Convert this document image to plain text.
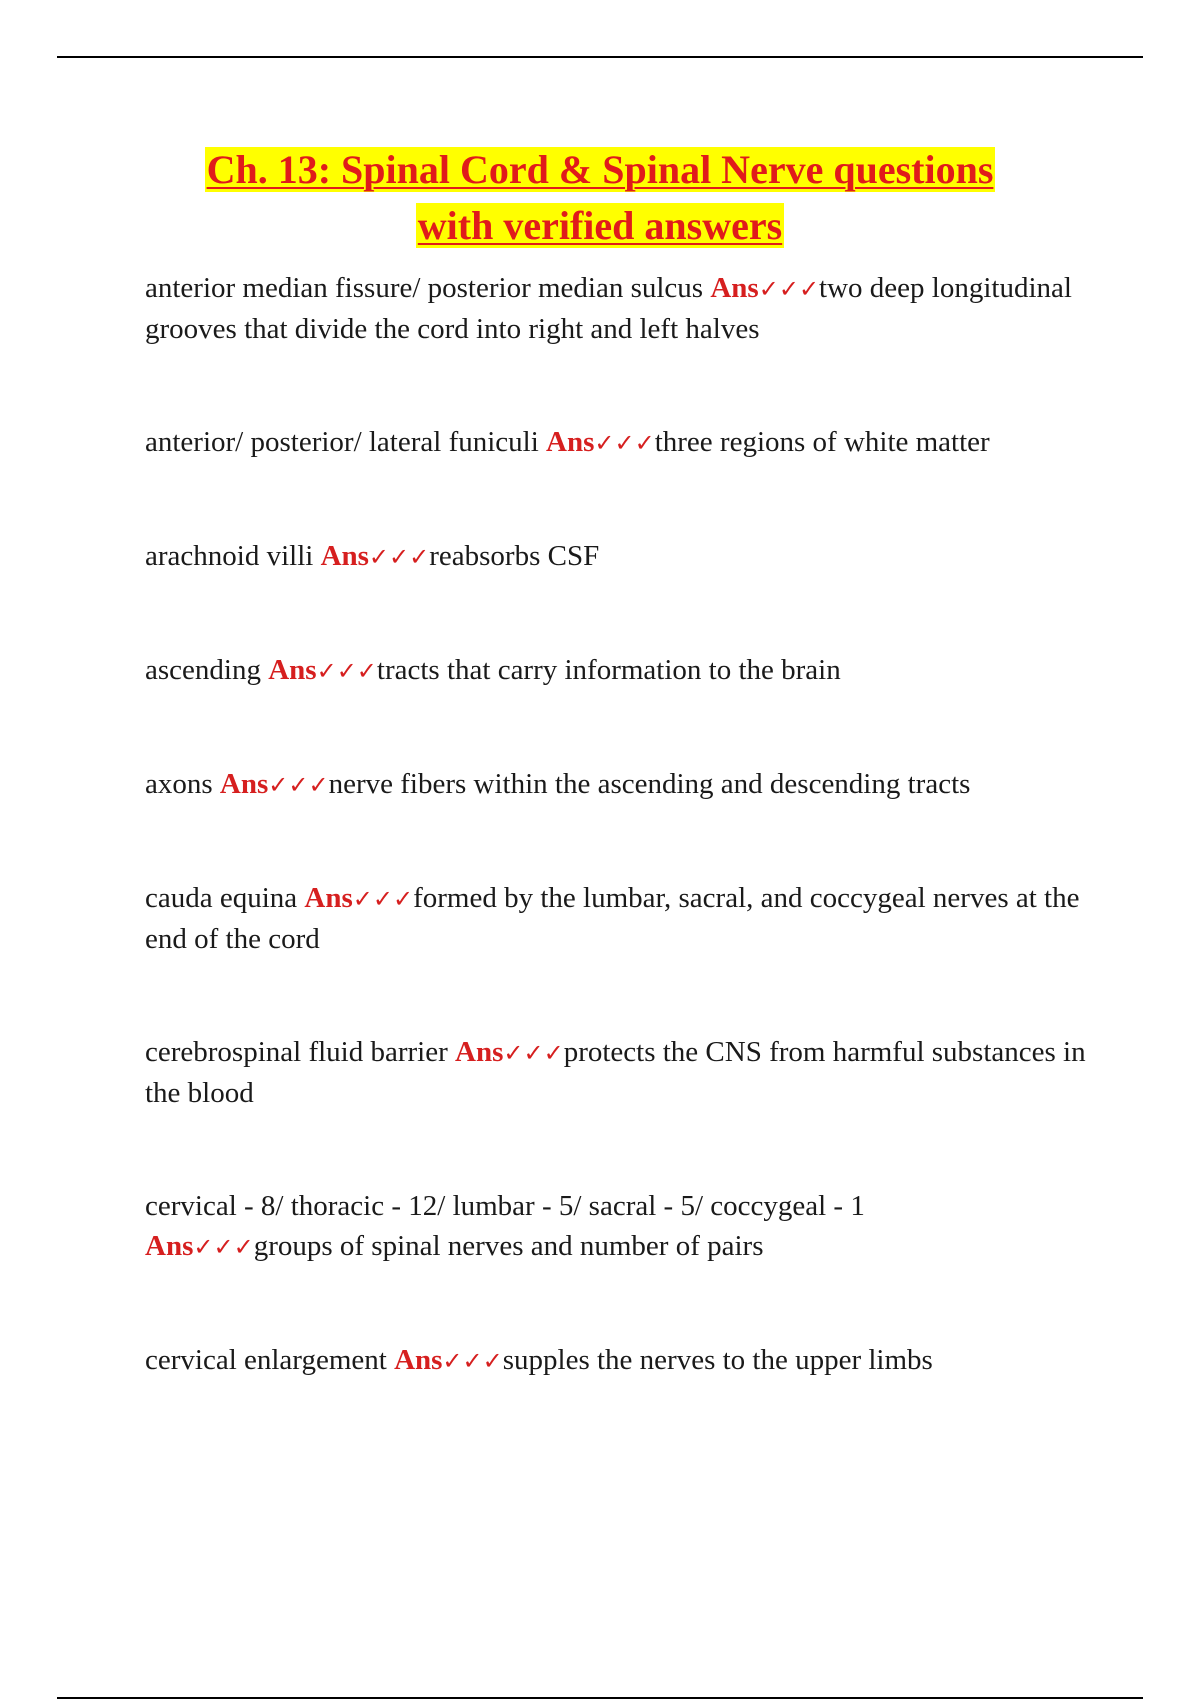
Ch. 13: Spinal Cord & Spinal Nerve questions
with verified answers

anterior median fissure/ posterior median sulcus Ans✓✓✓two deep longitudinal grooves that divide the cord into right and left halves

anterior/ posterior/ lateral funiculi Ans✓✓✓three regions of white matter

arachnoid villi Ans✓✓✓reabsorbs CSF

ascending Ans✓✓✓tracts that carry information to the brain

axons Ans✓✓✓nerve fibers within the ascending and descending tracts

cauda equina Ans✓✓✓formed by the lumbar, sacral, and coccygeal nerves at the end of the cord

cerebrospinal fluid barrier Ans✓✓✓protects the CNS from harmful substances in the blood

cervical - 8/ thoracic - 12/ lumbar - 5/ sacral - 5/ coccygeal - 1
Ans✓✓✓groups of spinal nerves and number of pairs

cervical enlargement Ans✓✓✓supples the nerves to the upper limbs
